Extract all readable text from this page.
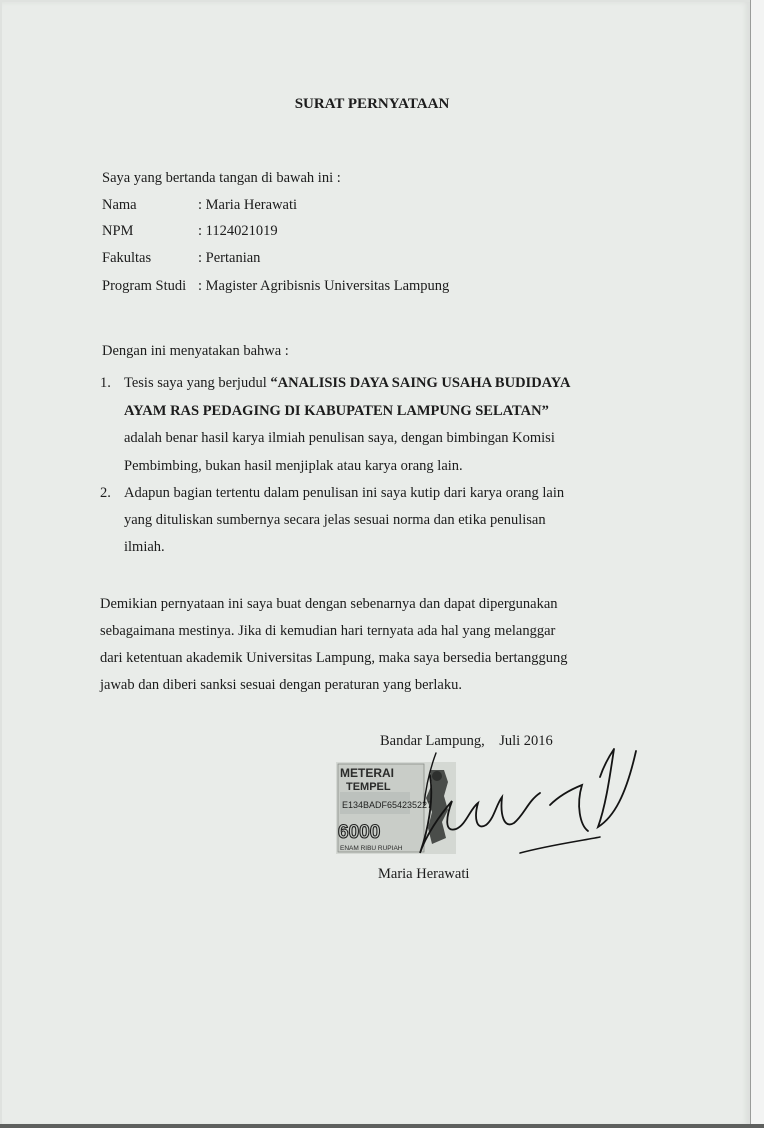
SURAT PERNYATAAN
Saya yang bertanda tangan di bawah ini :
Nama	: Maria Herawati
NPM	: 1124021019
Fakultas	: Pertanian
Program Studi : Magister Agribisnis Universitas Lampung
Dengan ini menyatakan bahwa :
1. Tesis saya yang berjudul “ANALISIS DAYA SAING USAHA BUDIDAYA
AYAM RAS PEDAGING DI KABUPATEN LAMPUNG SELATAN”
adalah benar hasil karya ilmiah penulisan saya, dengan bimbingan Komisi
Pembimbing, bukan hasil menjiplak atau karya orang lain.
2. Adapun bagian tertentu dalam penulisan ini saya kutip dari karya orang lain
yang dituliskan sumbernya secara jelas sesuai norma dan etika penulisan
ilmiah.
Demikian pernyataan ini saya buat dengan sebenarnya dan dapat dipergunakan
sebagaimana mestinya. Jika di kemudian hari ternyata ada hal yang melanggar
dari ketentuan akademik Universitas Lampung, maka saya bersedia bertanggung
jawab dan diberi sanksi sesuai dengan peraturan yang berlaku.
Bandar Lampung,    Juli 2016
METERAI
TEMPEL
E134BADF654235227
6000
ENAM RIBU RUPIAH
Maria Herawati
